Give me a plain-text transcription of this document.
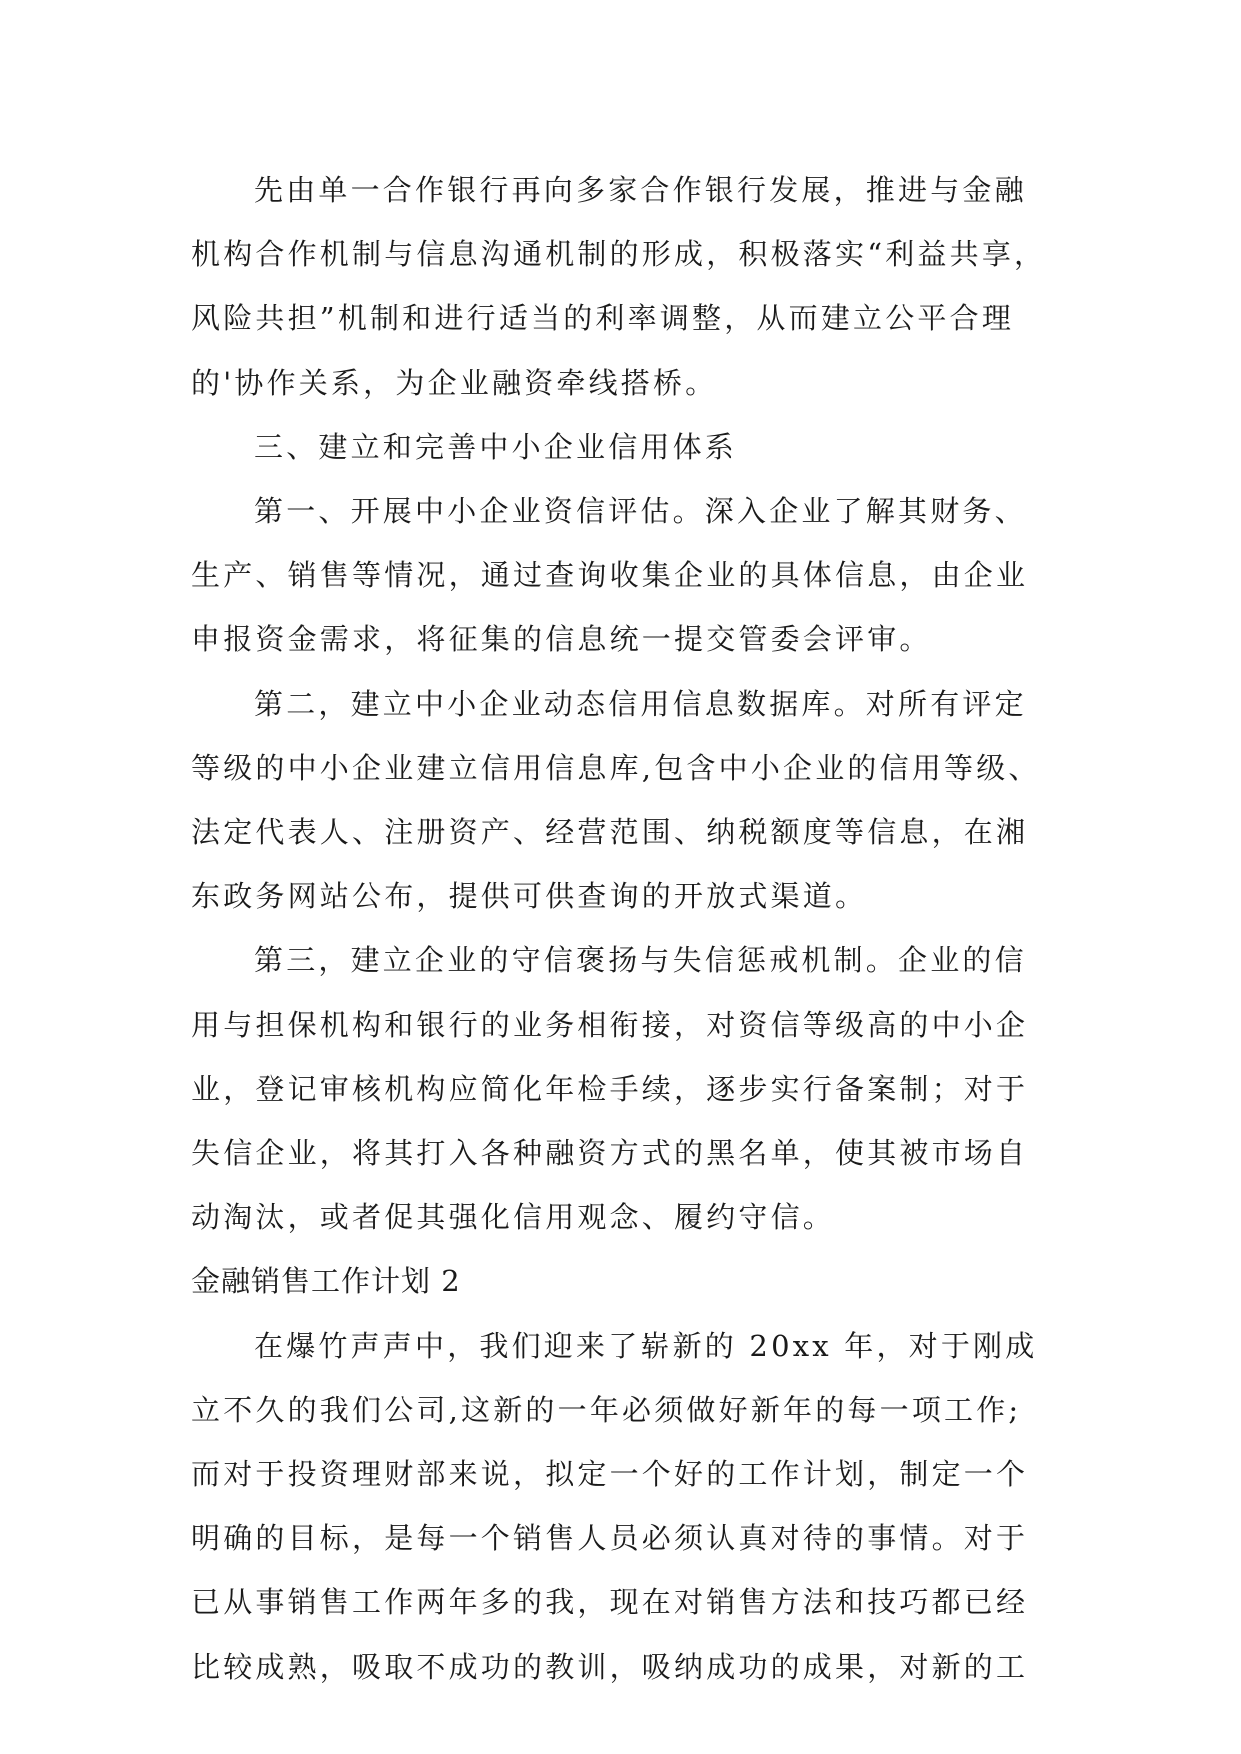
先由单一合作银行再向多家合作银行发展，推进与金融
机构合作机制与信息沟通机制的形成，积极落实“利益共享，
风险共担”机制和进行适当的利率调整，从而建立公平合理
的'协作关系，为企业融资牵线搭桥。

三、建立和完善中小企业信用体系

第一、开展中小企业资信评估。深入企业了解其财务、
生产、销售等情况，通过查询收集企业的具体信息，由企业
申报资金需求，将征集的信息统一提交管委会评审。

第二，建立中小企业动态信用信息数据库。对所有评定
等级的中小企业建立信用信息库,包含中小企业的信用等级、
法定代表人、注册资产、经营范围、纳税额度等信息，在湘
东政务网站公布，提供可供查询的开放式渠道。

第三，建立企业的守信褒扬与失信惩戒机制。企业的信
用与担保机构和银行的业务相衔接，对资信等级高的中小企
业，登记审核机构应简化年检手续，逐步实行备案制；对于
失信企业，将其打入各种融资方式的黑名单，使其被市场自
动淘汰，或者促其强化信用观念、履约守信。

金融销售工作计划 2

在爆竹声声中，我们迎来了崭新的 20xx 年，对于刚成
立不久的我们公司,这新的一年必须做好新年的每一项工作;
而对于投资理财部来说，拟定一个好的工作计划，制定一个
明确的目标，是每一个销售人员必须认真对待的事情。对于
已从事销售工作两年多的我，现在对销售方法和技巧都已经
比较成熟，吸取不成功的教训，吸纳成功的成果，对新的工
